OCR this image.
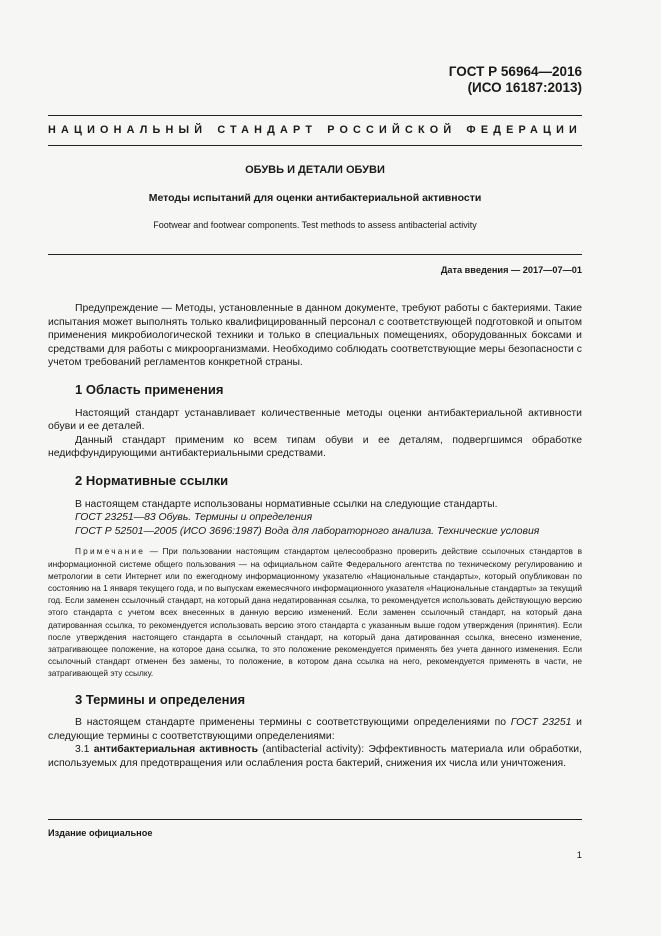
ГОСТ Р 56964—2016
(ИСО 16187:2013)
НАЦИОНАЛЬНЫЙ СТАНДАРТ РОССИЙСКОЙ ФЕДЕРАЦИИ
ОБУВЬ И ДЕТАЛИ ОБУВИ
Методы испытаний для оценки антибактериальной активности
Footwear and footwear components. Test methods to assess antibacterial activity
Дата введения — 2017—07—01

Предупреждение — Методы, установленные в данном документе, требуют работы с бактериями. Такие испытания может выполнять только квалифицированный персонал с соответствующей подготовкой и опытом применения микробиологической техники и только в специальных помещениях, оборудованных боксами и средствами для работы с микроорганизмами. Необходимо соблюдать соответствующие меры безопасности с учетом требований регламентов конкретной страны.

1 Область применения

Настоящий стандарт устанавливает количественные методы оценки антибактериальной активности обуви и ее деталей.

Данный стандарт применим ко всем типам обуви и ее деталям, подвергшимся обработке недиффундирующими антибактериальными средствами.

2 Нормативные ссылки

В настоящем стандарте использованы нормативные ссылки на следующие стандарты.

ГОСТ 23251—83 Обувь. Термины и определения

ГОСТ Р 52501—2005 (ИСО 3696:1987) Вода для лабораторного анализа. Технические условия

Примечание — При пользовании настоящим стандартом целесообразно проверить действие ссылочных стандартов в информационной системе общего пользования — на официальном сайте Федерального агентства по техническому регулированию и метрологии в сети Интернет или по ежегодному информационному указателю «Национальные стандарты», который опубликован по состоянию на 1 января текущего года, и по выпускам ежемесячного информационного указателя «Национальные стандарты» за текущий год. Если заменен ссылочный стандарт, на который дана недатированная ссылка, то рекомендуется использовать действующую версию этого стандарта с учетом всех внесенных в данную версию изменений. Если заменен ссылочный стандарт, на который дана датированная ссылка, то рекомендуется использовать версию этого стандарта с указанным выше годом утверждения (принятия). Если после утверждения настоящего стандарта в ссылочный стандарт, на который дана датированная ссылка, внесено изменение, затрагивающее положение, на которое дана ссылка, то это положение рекомендуется применять без учета данного изменения. Если ссылочный стандарт отменен без замены, то положение, в котором дана ссылка на него, рекомендуется применять в части, не затрагивающей эту ссылку.

3 Термины и определения

В настоящем стандарте применены термины с соответствующими определениями по ГОСТ 23251 и следующие термины с соответствующими определениями:

3.1 антибактериальная активность (antibacterial activity): Эффективность материала или обработки, используемых для предотвращения или ослабления роста бактерий, снижения их числа или уничтожения.

Издание официальное
1
